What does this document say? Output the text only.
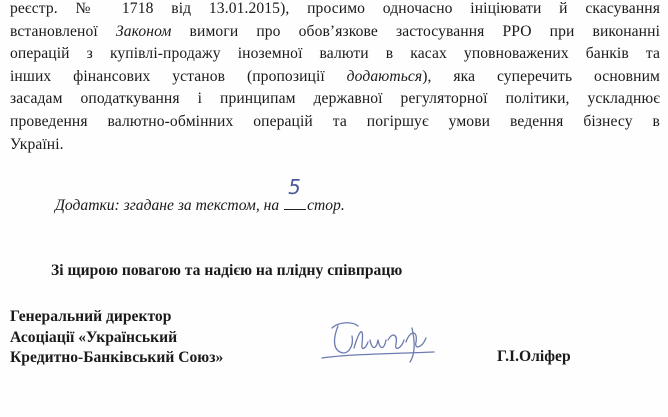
реєстр. № 1718 від 13.01.2015), просимо одночасно ініціювати й скасування
встановленої Законом вимоги про обов’язкове застосування РРО при виконанні
операцій з купівлі-продажу іноземної валюти в касах уповноважених банків та
інших фінансових установ (пропозиції додаються), яка суперечить основним
засадам оподаткування і принципам державної регуляторної політики, ускладнює
проведення валютно-обмінних операцій та погіршує умови ведення бізнесу в
Україні.
Додатки: згадане за текстом, на
5
стор.
Зі щирою повагою та надією на плідну співпрацю
Генеральний директор
Асоціації «Український
Кредитно-Банківський Союз»	Г.І.Оліфер
